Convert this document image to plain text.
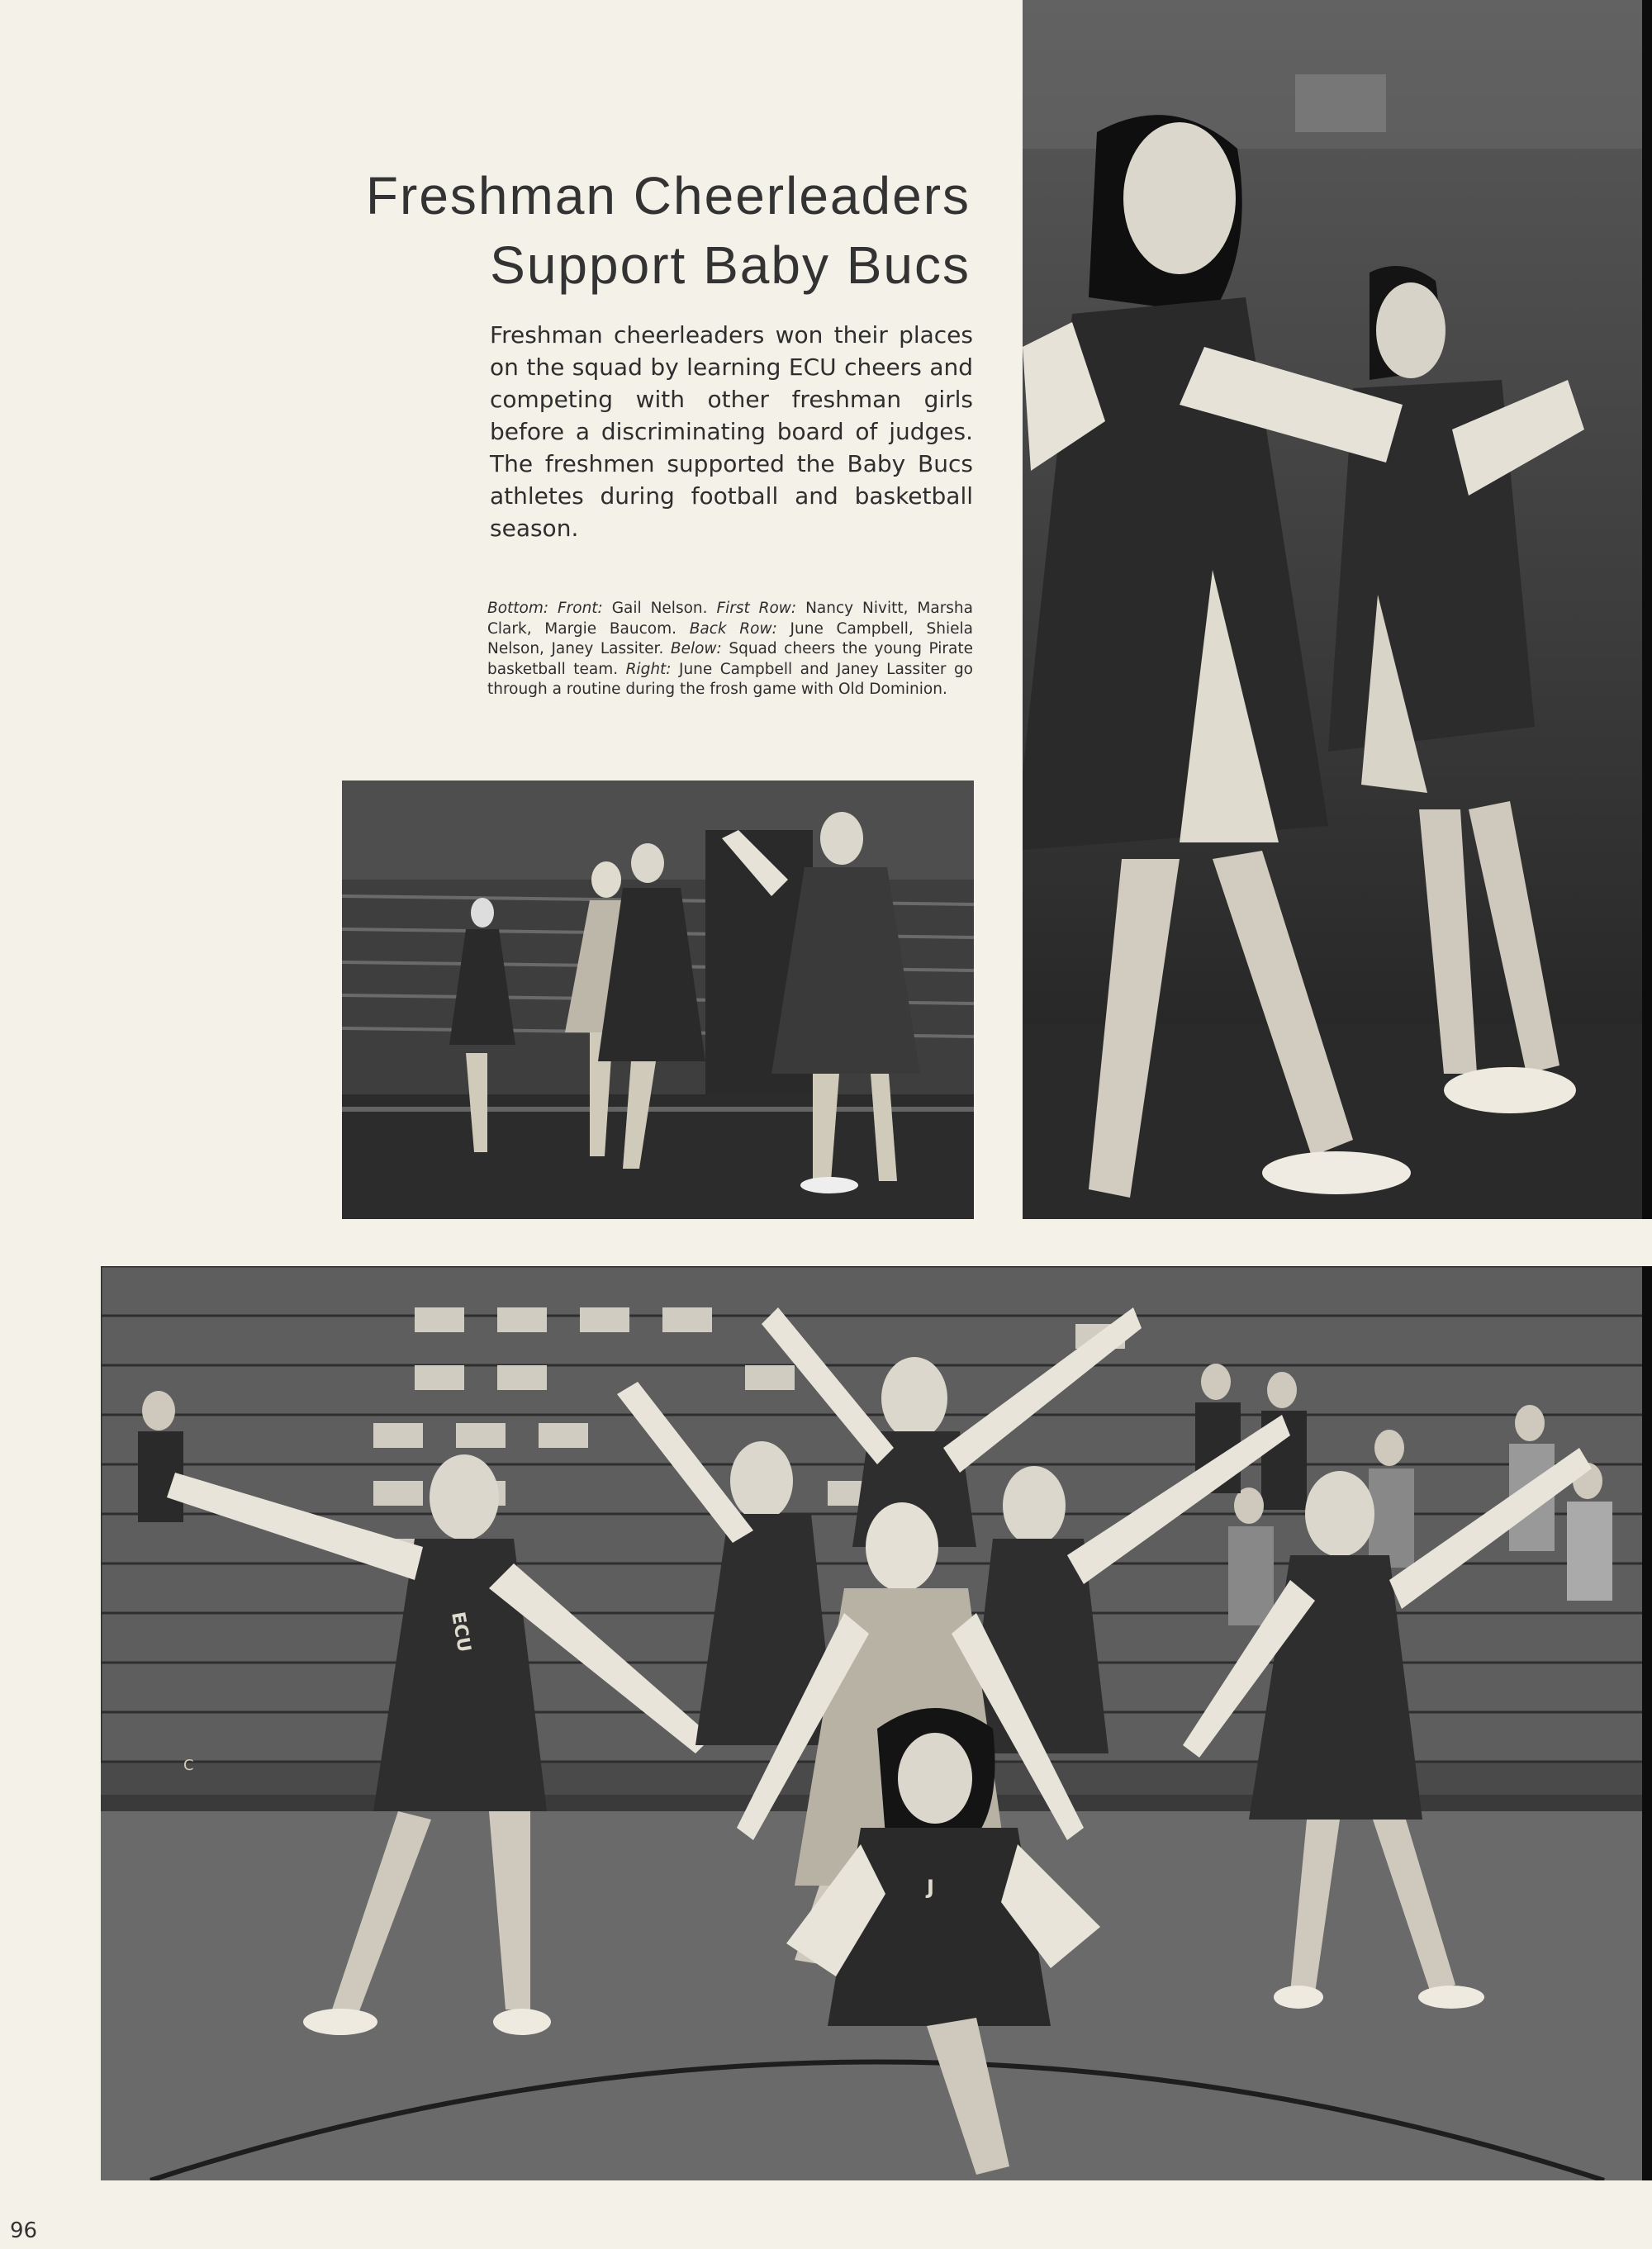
Freshman Cheerleaders
Support Baby Bucs
Freshman cheerleaders won their places on the squad by learning ECU cheers and competing with other freshman girls before a discriminating board of judges. The freshmen supported the Baby Bucs athletes during football and basketball season.
Bottom: Front: Gail Nelson. First Row: Nancy Nivitt, Marsha Clark, Margie Baucom. Back Row: June Campbell, Shiela Nelson, Janey Lassiter. Below: Squad cheers the young Pirate basketball team. Right: June Campbell and Janey Lassiter go through a routine during the frosh game with Old Dominion.
C
ECU
J
96
